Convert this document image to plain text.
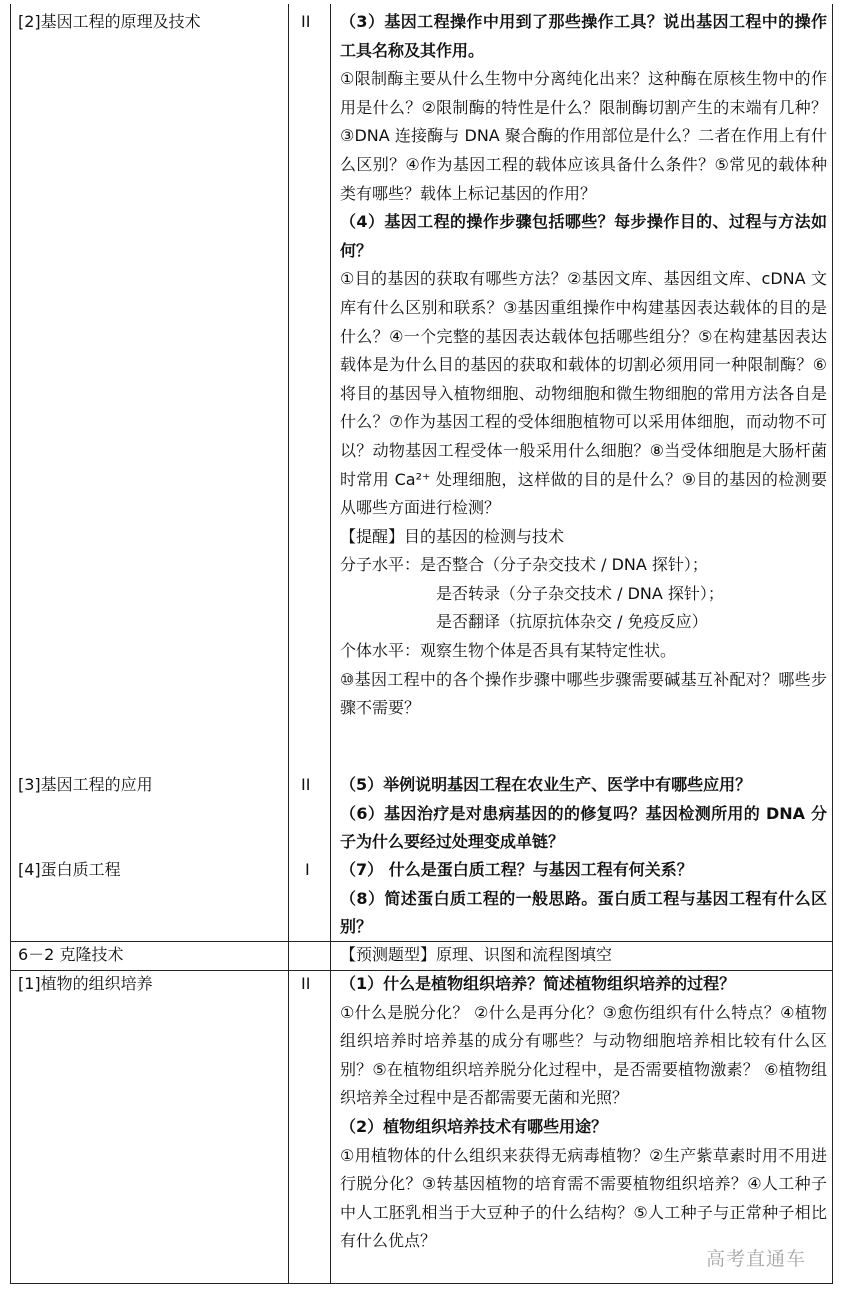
[2]基因工程的原理及技术
[3]基因工程的应用
[4]蛋白质工程
6－2 克隆技术
[1]植物的组织培养
II
II
I
II

（3）基因工程操作中用到了那些操作工具？说出基因工程中的操作工具名称及其作用。

①限制酶主要从什么生物中分离纯化出来？这种酶在原核生物中的作用是什么？②限制酶的特性是什么？限制酶切割产生的末端有几种？③DNA 连接酶与 DNA 聚合酶的作用部位是什么？二者在作用上有什么区别？④作为基因工程的载体应该具备什么条件？⑤常见的载体种类有哪些？载体上标记基因的作用？

（4）基因工程的操作步骤包括哪些？每步操作目的、过程与方法如何？

①目的基因的获取有哪些方法？②基因文库、基因组文库、cDNA 文库有什么区别和联系？③基因重组操作中构建基因表达载体的目的是什么？④一个完整的基因表达载体包括哪些组分？⑤在构建基因表达载体是为什么目的基因的获取和载体的切割必须用同一种限制酶？⑥将目的基因导入植物细胞、动物细胞和微生物细胞的常用方法各自是什么？⑦作为基因工程的受体细胞植物可以采用体细胞，而动物不可以？动物基因工程受体一般采用什么细胞？⑧当受体细胞是大肠杆菌时常用 Ca²⁺ 处理细胞，这样做的目的是什么？⑨目的基因的检测要从哪些方面进行检测？

【提醒】目的基因的检测与技术

分子水平：是否整合（分子杂交技术 / DNA 探针）；

是否转录（分子杂交技术 / DNA 探针）；

是否翻译（抗原抗体杂交 / 免疫反应）

个体水平：观察生物个体是否具有某特定性状。

⑩基因工程中的各个操作步骤中哪些步骤需要碱基互补配对？哪些步骤不需要？

（5）举例说明基因工程在农业生产、医学中有哪些应用？

（6）基因治疗是对患病基因的的修复吗？基因检测所用的 DNA 分子为什么要经过处理变成单链？

（7） 什么是蛋白质工程？与基因工程有何关系？

（8）简述蛋白质工程的一般思路。蛋白质工程与基因工程有什么区别？

【预测题型】原理、识图和流程图填空

（1）什么是植物组织培养？简述植物组织培养的过程？

①什么是脱分化？ ②什么是再分化？③愈伤组织有什么特点？④植物组织培养时培养基的成分有哪些？与动物细胞培养相比较有什么区别？⑤在植物组织培养脱分化过程中，是否需要植物激素？ ⑥植物组织培养全过程中是否都需要无菌和光照？

（2）植物组织培养技术有哪些用途？

①用植物体的什么组织来获得无病毒植物？②生产紫草素时用不用进行脱分化？③转基因植物的培育需不需要植物组织培养？④人工种子中人工胚乳相当于大豆种子的什么结构？⑤人工种子与正常种子相比有什么优点？

高考直通车
